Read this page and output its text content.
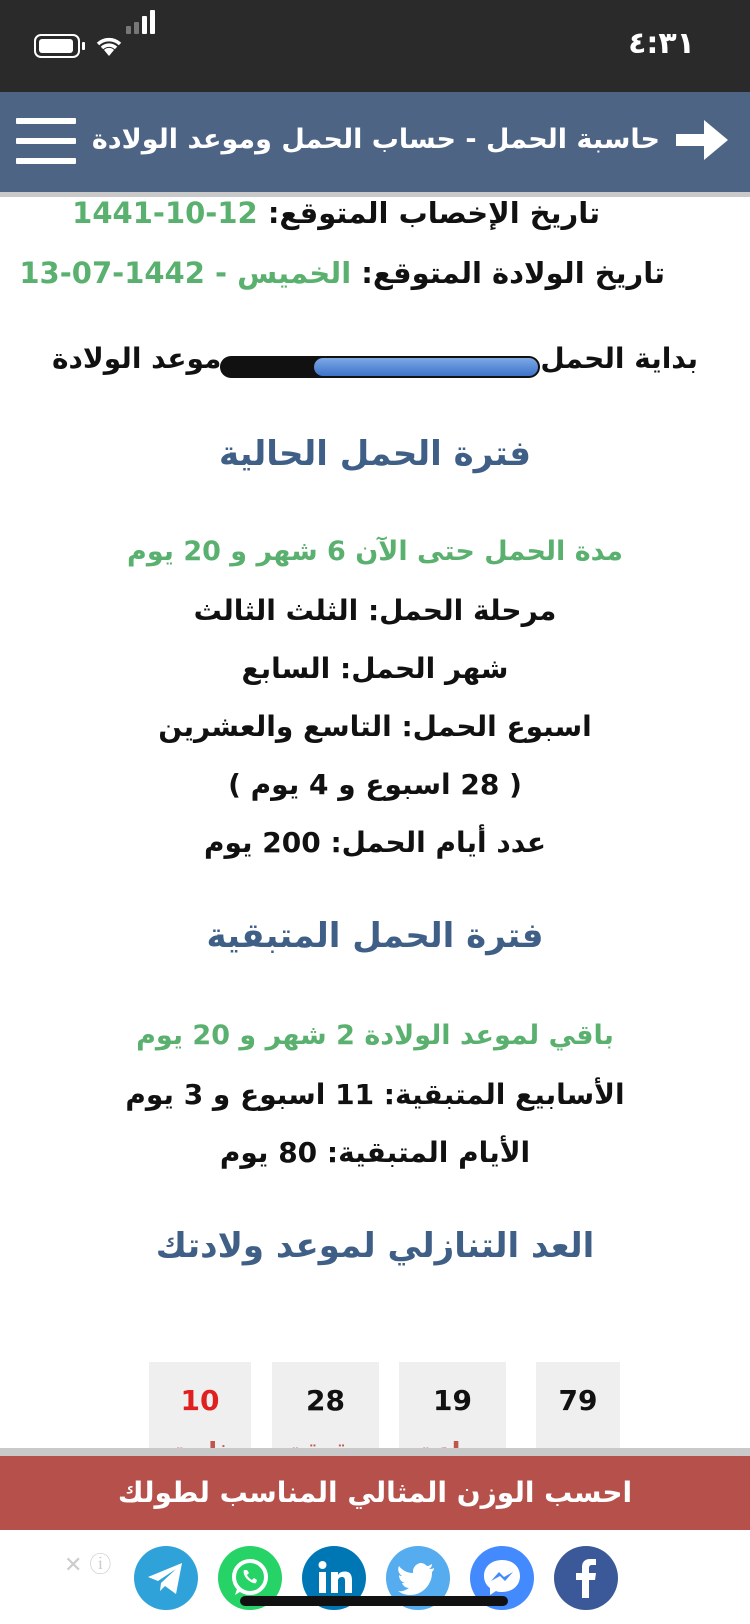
٤:٣١
حاسبة الحمل - حساب الحمل وموعد الولادة
تاريخ الإخصاب المتوقع: 12-10-1441
تاريخ الولادة المتوقع: الخميس - 1442-07-13
بداية الحمل
موعد الولادة
فترة الحمل الحالية
مدة الحمل حتى الآن 6 شهر و 20 يوم
مرحلة الحمل: الثلث الثالث
شهر الحمل: السابع
اسبوع الحمل: التاسع والعشرين
( 28 اسبوع و 4 يوم )
عدد أيام الحمل: 200 يوم
فترة الحمل المتبقية
باقي لموعد الولادة 2 شهر و 20 يوم
الأسابيع المتبقية: 11 اسبوع و 3 يوم
الأيام المتبقية: 80 يوم
العد التنازلي لموعد ولادتك
79
19
28
10
احسب الوزن المثالي المناسب لطولك
✕ ⓘ
